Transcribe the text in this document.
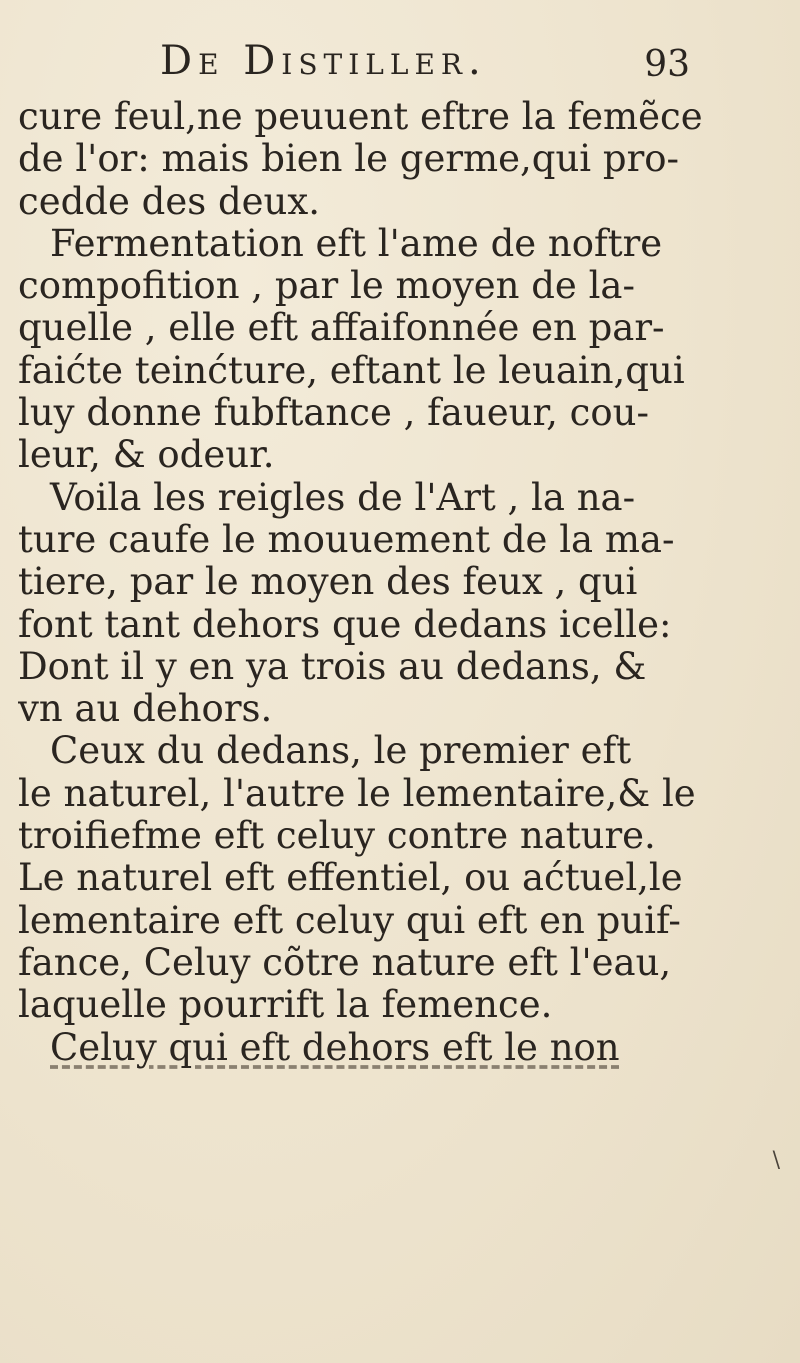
De Distiller.	93
cure feul,ne peuuent eftre la femẽce
de l'or: mais bien le germe,qui pro-
cedde des deux.
Fermentation eft l'ame de noftre
compofition , par le moyen de la-
quelle , elle eft affaifonnée en par-
faićte teinćture, eftant le leuain,qui
luy donne fubftance , faueur, cou-
leur, & odeur.
Voila les reigles de l'Art , la na-
ture caufe le mouuement de la ma-
tiere, par le moyen des feux , qui
font tant dehors que dedans icelle:
Dont il y en ya trois au dedans, &
vn au dehors.
Ceux du dedans, le premier eft
le naturel, l'autre le lementaire,& le
troifiefme eft celuy contre nature.
Le naturel eft effentiel, ou aćtuel,le
lementaire eft celuy qui eft en puif-
fance, Celuy cõtre nature eft l'eau,
laquelle pourrift la femence.
Celuy qui eft dehors eft le non
\
